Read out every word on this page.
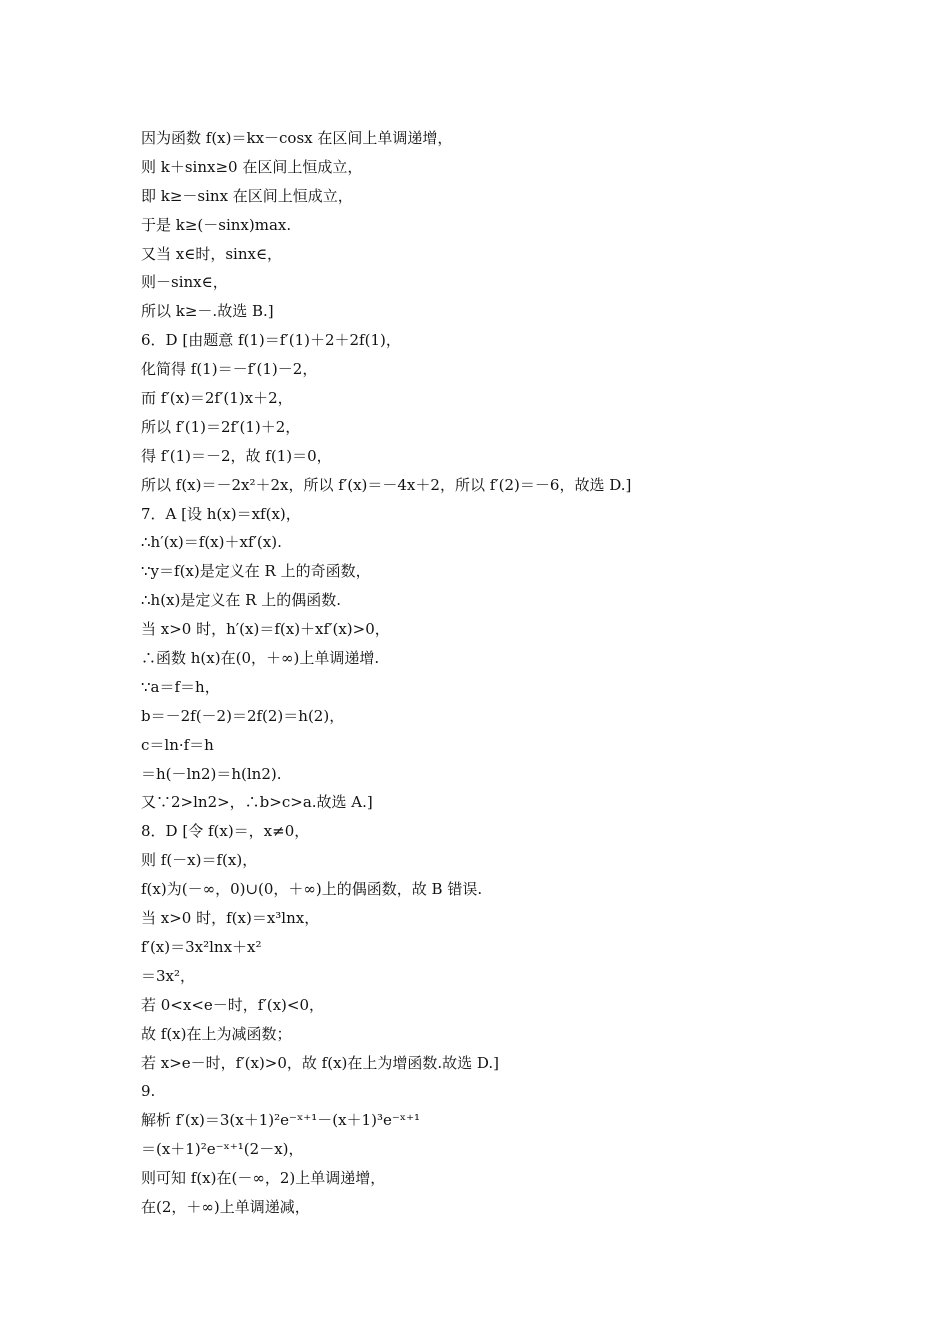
因为函数 f(x)＝kx－cosx 在区间上单调递增，
则 k＋sinx≥0 在区间上恒成立，
即 k≥－sinx 在区间上恒成立，
于是 k≥(－sinx)max.
又当 x∈时，sinx∈，
则－sinx∈，
所以 k≥－.故选 B.]
6．D [由题意 f(1)＝f′(1)＋2＋2f(1)，
化简得 f(1)＝－f′(1)－2，
而 f′(x)＝2f′(1)x＋2，
所以 f′(1)＝2f′(1)＋2，
得 f′(1)＝－2，故 f(1)＝0，
所以 f(x)＝－2x²＋2x，所以 f′(x)＝－4x＋2，所以 f′(2)＝－6，故选 D.]
7．A [设 h(x)＝xf(x)，
∴h′(x)＝f(x)＋xf′(x).
∵y＝f(x)是定义在 R 上的奇函数，
∴h(x)是定义在 R 上的偶函数.
当 x>0 时，h′(x)＝f(x)＋xf′(x)>0，
∴函数 h(x)在(0，＋∞)上单调递增.
∵a＝f＝h，
b＝－2f(－2)＝2f(2)＝h(2)，
c＝ln·f＝h
＝h(－ln2)＝h(ln2).
又∵2>ln2>，∴b>c>a.故选 A.]
8．D [令 f(x)＝，x≠0，
则 f(－x)＝f(x)，
f(x)为(－∞，0)∪(0，＋∞)上的偶函数，故 B 错误.
当 x>0 时，f(x)＝x³lnx，
f′(x)＝3x²lnx＋x²
＝3x²，
若 0<x<e－时，f′(x)<0，
故 f(x)在上为减函数；
若 x>e－时，f′(x)>0，故 f(x)在上为增函数.故选 D.]
9.
解析 f′(x)＝3(x＋1)²e⁻ˣ⁺¹－(x＋1)³e⁻ˣ⁺¹
＝(x＋1)²e⁻ˣ⁺¹(2－x)，
则可知 f(x)在(－∞，2)上单调递增，
在(2，＋∞)上单调递减，
